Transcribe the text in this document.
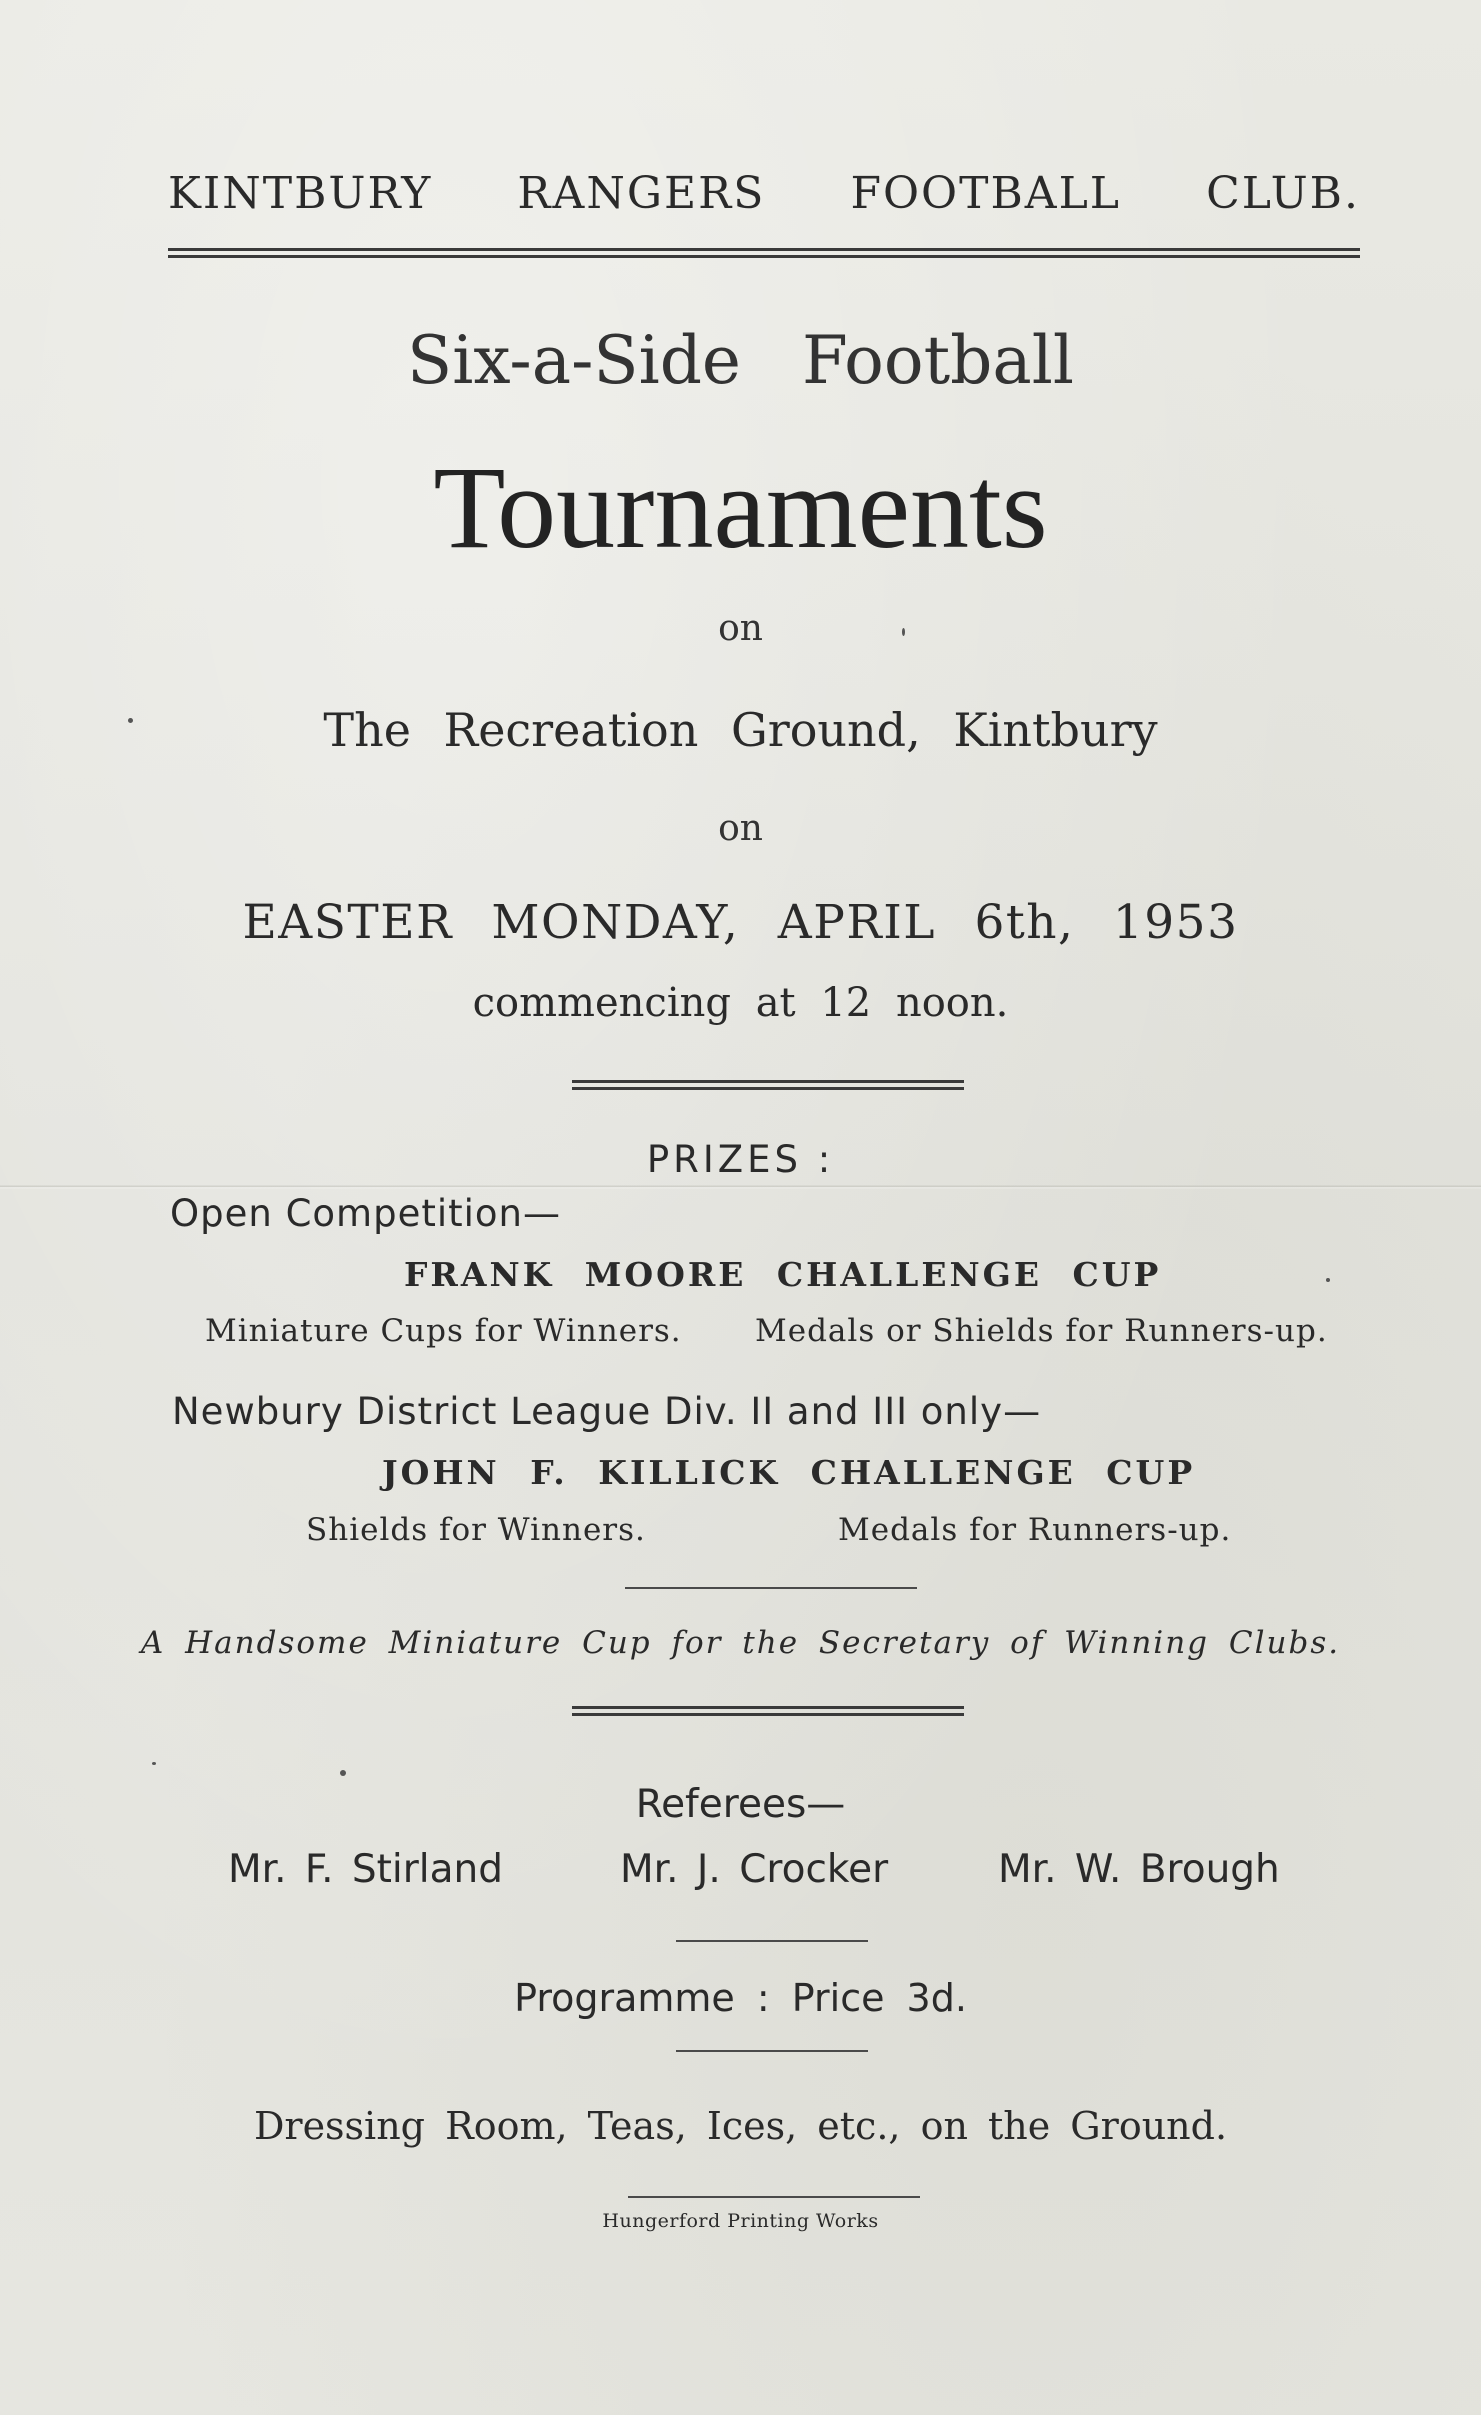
KINTBURY RANGERS FOOTBALL CLUB.
Six-a-Side Football
Tournaments
on
The Recreation Ground, Kintbury
on
EASTER MONDAY, APRIL 6th, 1953
commencing at 12 noon.
PRIZES :
Open Competition—
FRANK MOORE CHALLENGE CUP
Miniature Cups for Winners. Medals or Shields for Runners-up.
Newbury District League Div. II and III only—
JOHN F. KILLICK CHALLENGE CUP
Shields for Winners.	Medals for Runners-up.
A Handsome Miniature Cup for the Secretary of Winning Clubs.
Referees—
Mr. F. Stirland	Mr. J. Crocker	Mr. W. Brough
Programme : Price 3d.
Dressing Room, Teas, Ices, etc., on the Ground.
Hungerford Printing Works
